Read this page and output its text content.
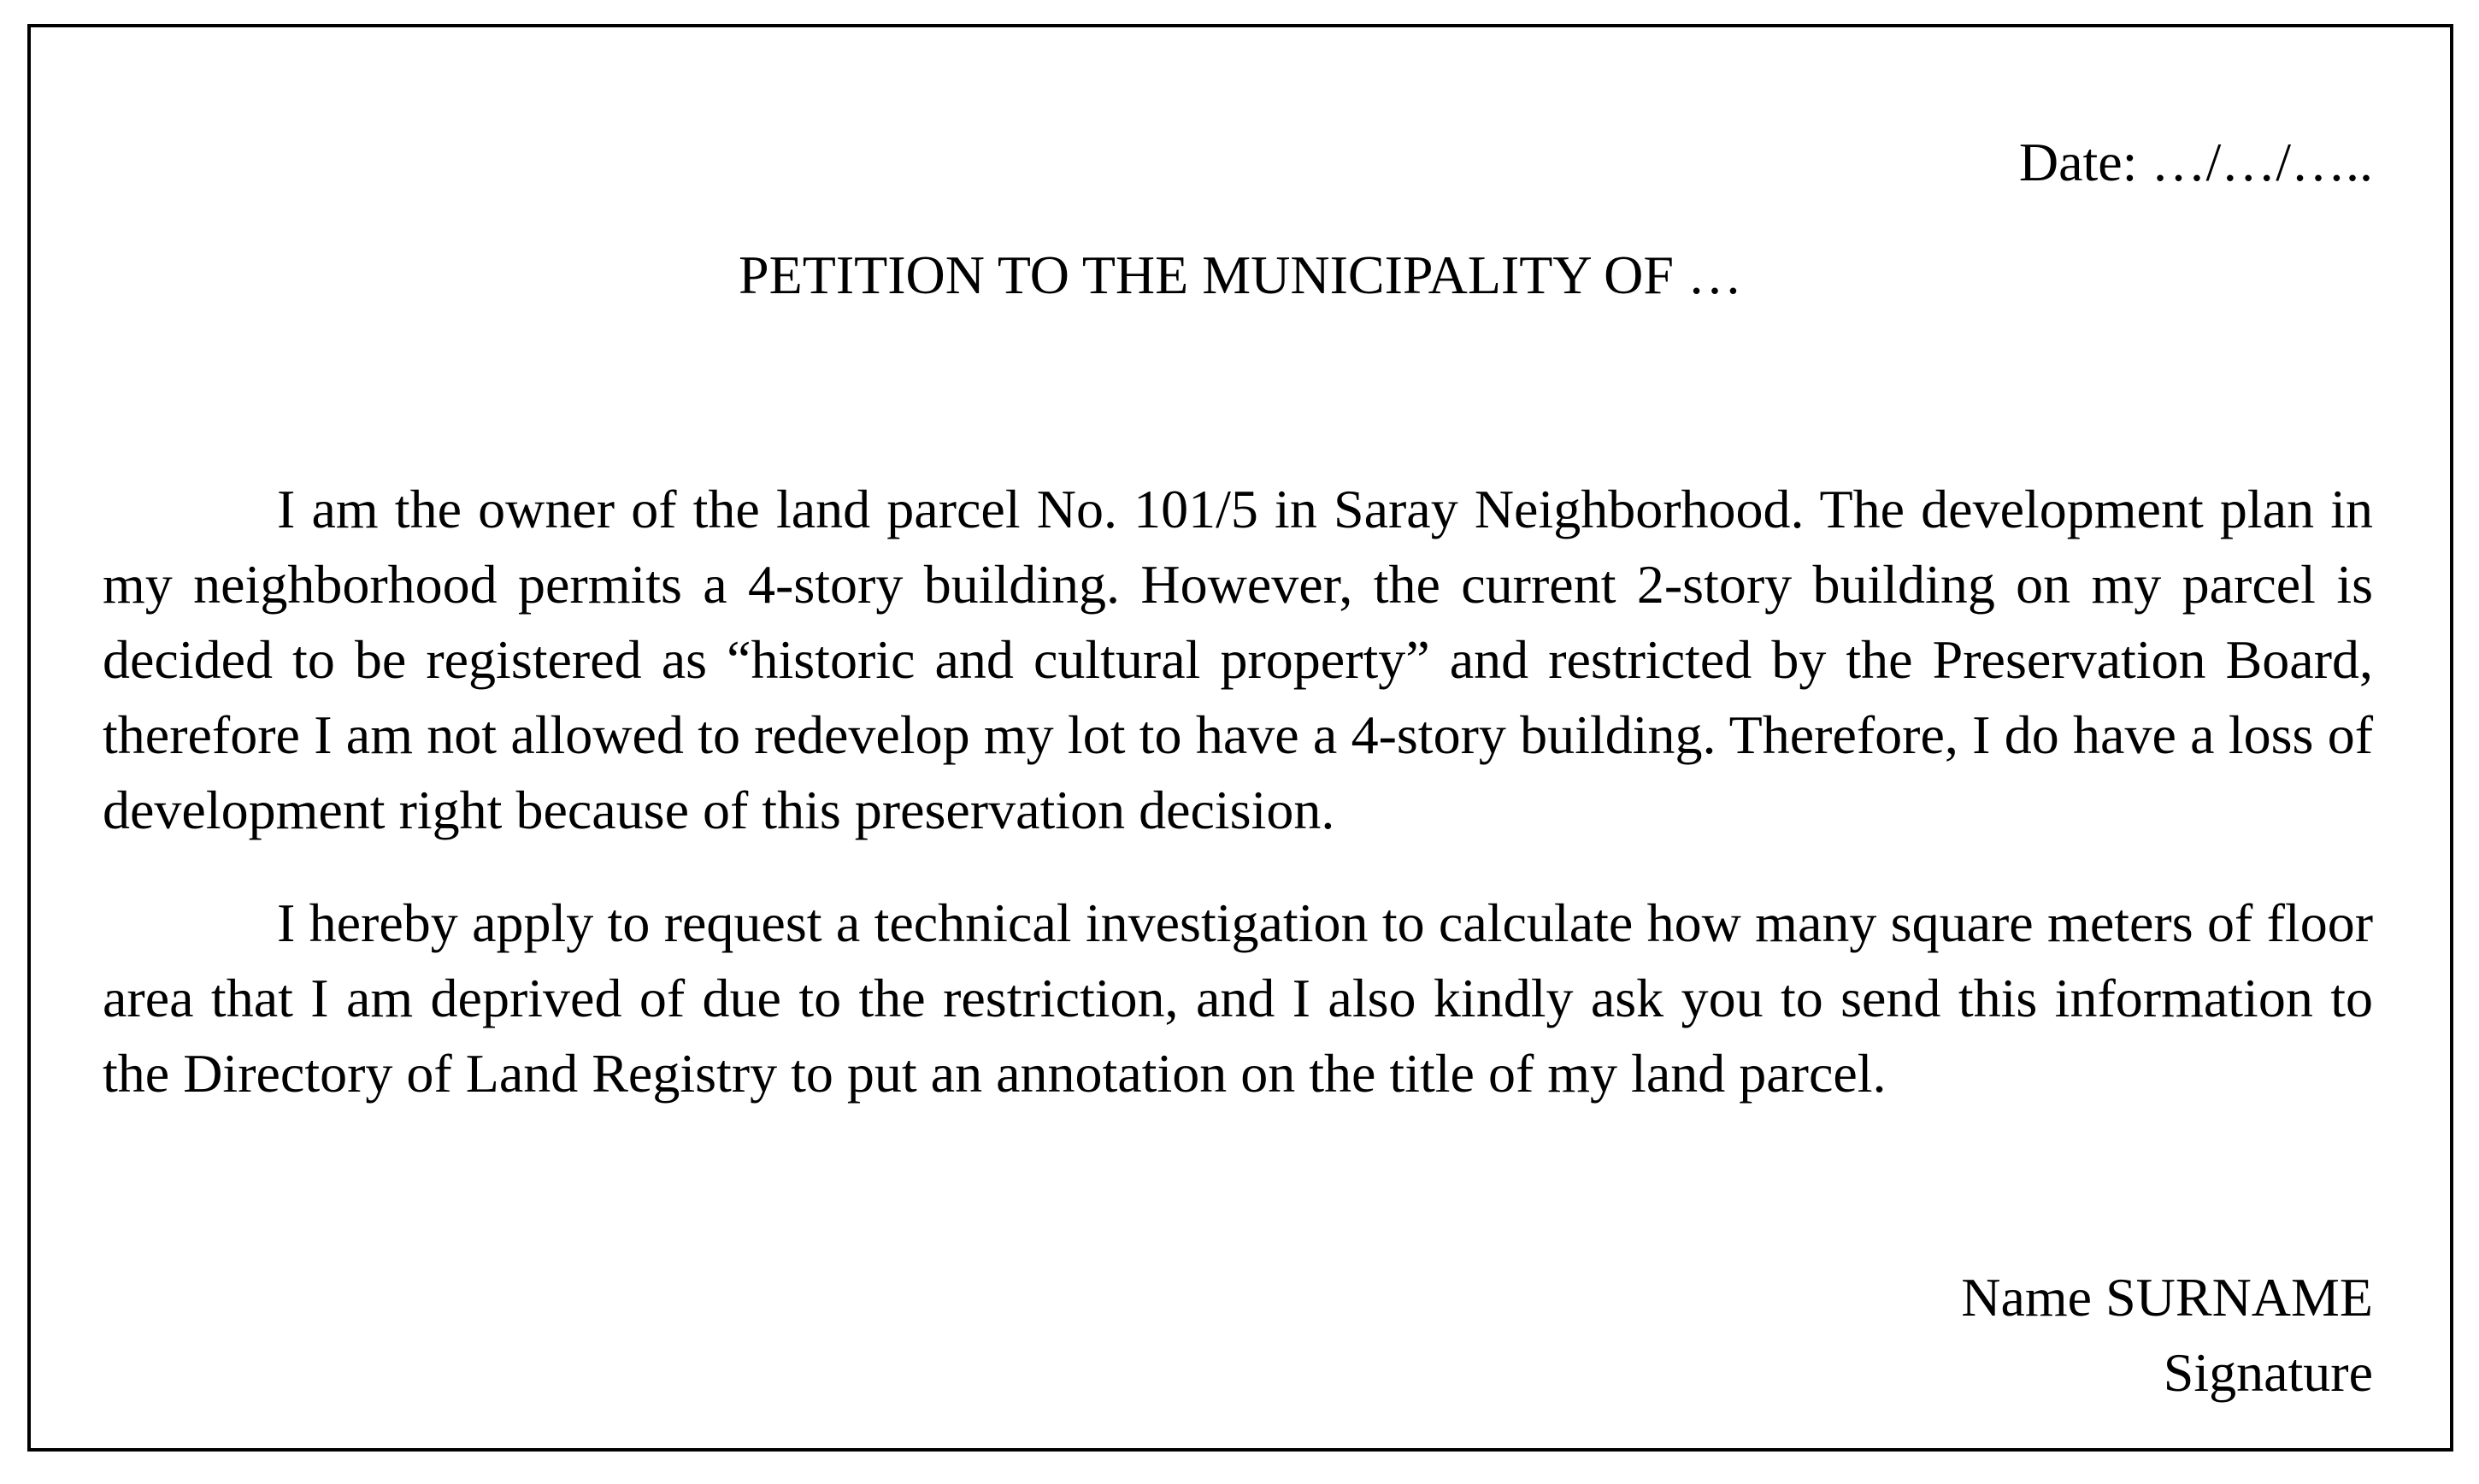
Date: …/…/…..
PETITION TO THE MUNICIPALITY OF …

I am the owner of the land parcel No. 101/5 in Saray Neighborhood. The development plan in my neighborhood permits a 4-story building. However, the current 2-story building on my parcel is decided to be registered as “historic and cultural property” and restricted by the Preservation Board, therefore I am not allowed to redevelop my lot to have a 4-story building. Therefore, I do have a loss of development right because of this preservation decision.

I hereby apply to request a technical investigation to calculate how many square meters of floor area that I am deprived of due to the restriction, and I also kindly ask you to send this information to the Directory of Land Registry to put an annotation on the title of my land parcel.

Name SURNAME
Signature
